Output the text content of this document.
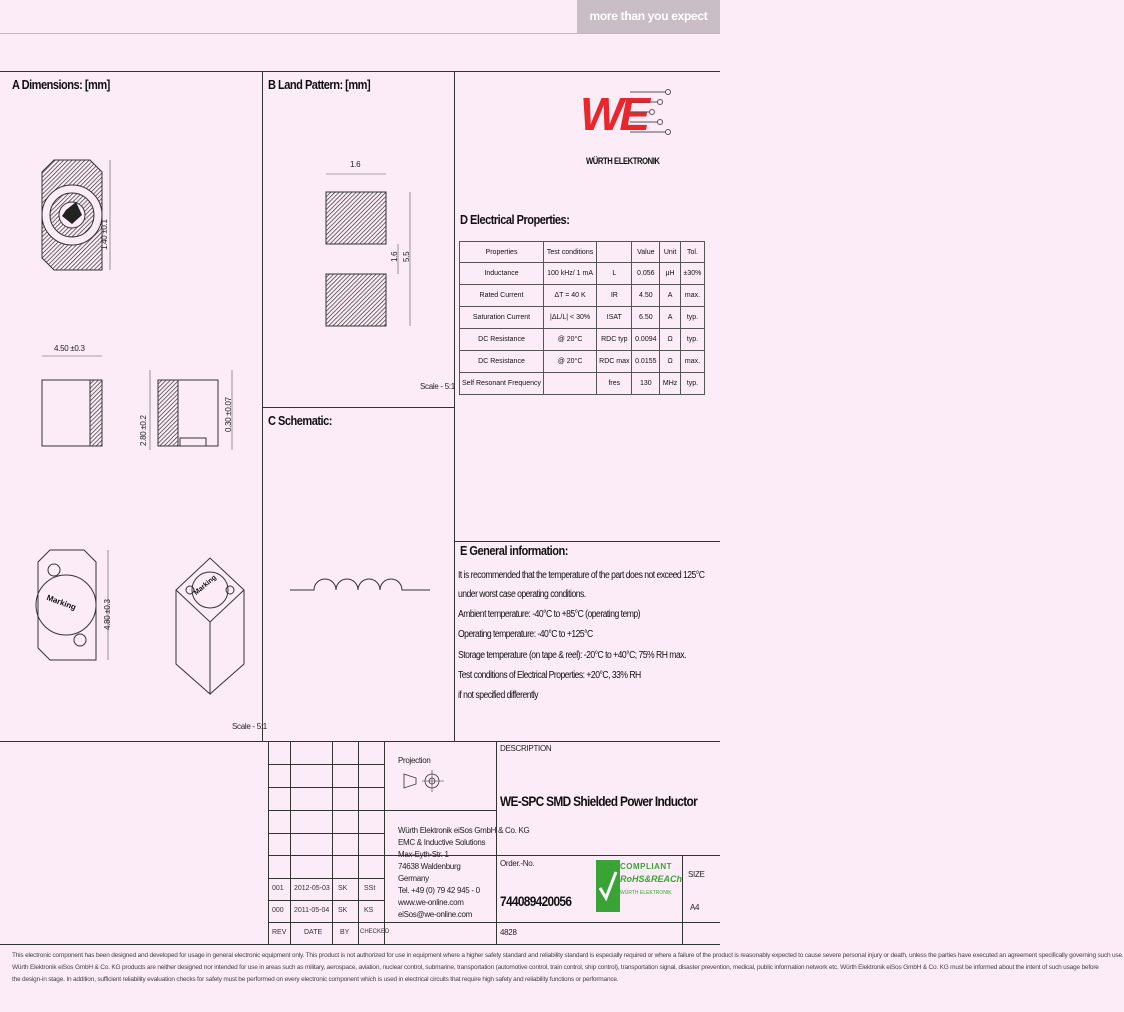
more than you expect
A Dimensions: [mm]	B Land Pattern: [mm]
C Schematic:
D Electrical Properties:
E General information:
1.40 ±0.1
4.50 ±0.3
2.80 ±0.2	0.30 ±0.07
4.80 ±0.3
Marking
Marking
Scale - 5:1
1.6
1.6 5.5
Scale - 5:1
WE
WÜRTH ELEKTRONIK
Properties	Test conditions		Value	Unit	Tol.
Inductance	100 kHz/ 1 mA	L	0.056	µH	±30%
Rated Current	ΔT = 40 K	IR	4.50	A	max.
Saturation Current	|ΔL/L| < 30%	ISAT	6.50	A	typ.
DC Resistance	@ 20°C	RDC typ	0.0094	Ω	typ.
DC Resistance	@ 20°C	RDC max	0.0155	Ω	max.
Self Resonant Frequency		fres	130	MHz	typ.
It is recommended that the temperature of the part does not exceed 125°C
under worst case operating conditions.
Ambient temperature: -40°C to +85°C (operating temp)
Operating temperature: -40°C to +125°C
Storage temperature (on tape & reel): -20°C to +40°C; 75% RH max.
Test conditions of Electrical Properties: +20°C, 33% RH
if not specified differently
Projection
DESCRIPTION
WE-SPC SMD Shielded Power Inductor
Order.-No.
744089420056
SIZE
A4
4828
COMPLIANT
RoHS&REACh
WÜRTH ELEKTRONIK
Würth Elektronik eiSos GmbH & Co. KG
EMC & Inductive Solutions
Max-Eyth-Str. 1
74638 Waldenburg
Germany
Tel. +49 (0) 79 42 945 - 0
www.we-online.com
eiSos@we-online.com
001 2012-05-03 SK SSt
000 2011-05-04 SK KS
REV	DATE	BY CHECKED
This electronic component has been designed and developed for usage in general electronic equipment only. This product is not authorized for use in equipment where a higher safety standard and reliability standard is especially required or where a failure of the product is reasonably expected to cause severe personal injury or death, unless the parties have executed an agreement specifically governing such use.
Würth Elektronik eiSos GmbH & Co. KG products are neither designed nor intended for use in areas such as military, aerospace, aviation, nuclear control, submarine, transportation (automotive control, train control, ship control), transportation signal, disaster prevention, medical, public information network etc. Würth Elektronik eiSos GmbH & Co. KG must be informed about the intent of such usage before
the design-in stage. In addition, sufficient reliability evaluation checks for safety must be performed on every electronic component which is used in electrical circuits that require high safety and reliability functions or performance.
